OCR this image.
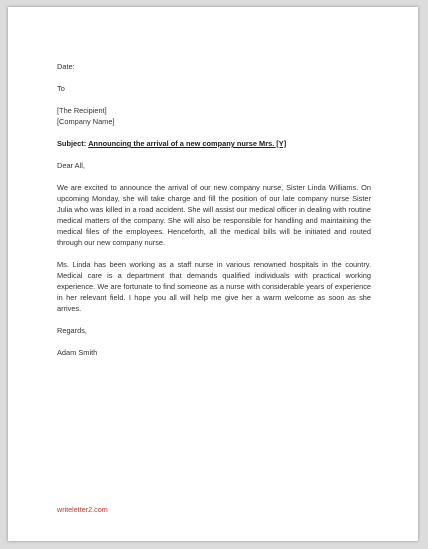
Date:
To
[The Recipient]
[Company Name]
Subject: Announcing the arrival of a new company nurse Mrs. [Y]
Dear All,

We are excited to announce the arrival of our new company nurse, Sister Linda Williams. On upcoming Monday, she will take charge and fill the position of our late company nurse Sister Julia who was killed in a road accident. She will assist our medical officer in dealing with routine medical matters of the company. She will also be responsible for handling and maintaining the medical files of the employees. Henceforth, all the medical bills will be initiated and routed through our new company nurse.

Ms. Linda has been working as a staff nurse in various renowned hospitals in the country. Medical care is a department that demands qualified individuals with practical working experience. We are fortunate to find someone as a nurse with considerable years of experience in her relevant field. I hope you all will help me give her a warm welcome as soon as she arrives.

Regards,
Adam Smith
writeletter2.com
